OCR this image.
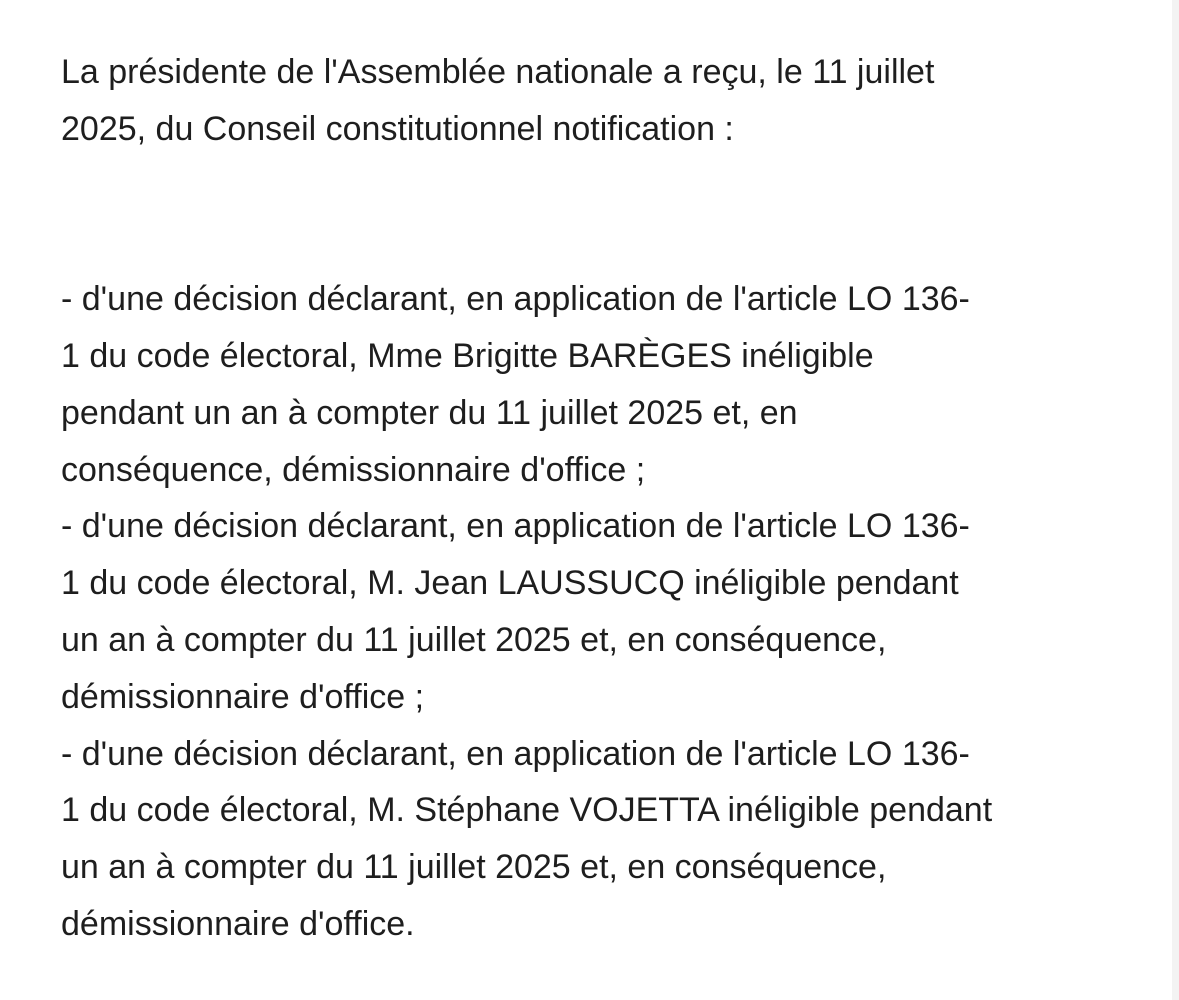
La présidente de l'Assemblée nationale a reçu, le 11 juillet
2025, du Conseil constitutionnel notification :

- d'une décision déclarant, en application de l'article LO 136-
1 du code électoral, Mme Brigitte BARÈGES inéligible
pendant un an à compter du 11 juillet 2025 et, en
conséquence, démissionnaire d'office ;

- d'une décision déclarant, en application de l'article LO 136-
1 du code électoral, M. Jean LAUSSUCQ inéligible pendant
un an à compter du 11 juillet 2025 et, en conséquence,
démissionnaire d'office ;

- d'une décision déclarant, en application de l'article LO 136-
1 du code électoral, M. Stéphane VOJETTA inéligible pendant
un an à compter du 11 juillet 2025 et, en conséquence,
démissionnaire d'office.
